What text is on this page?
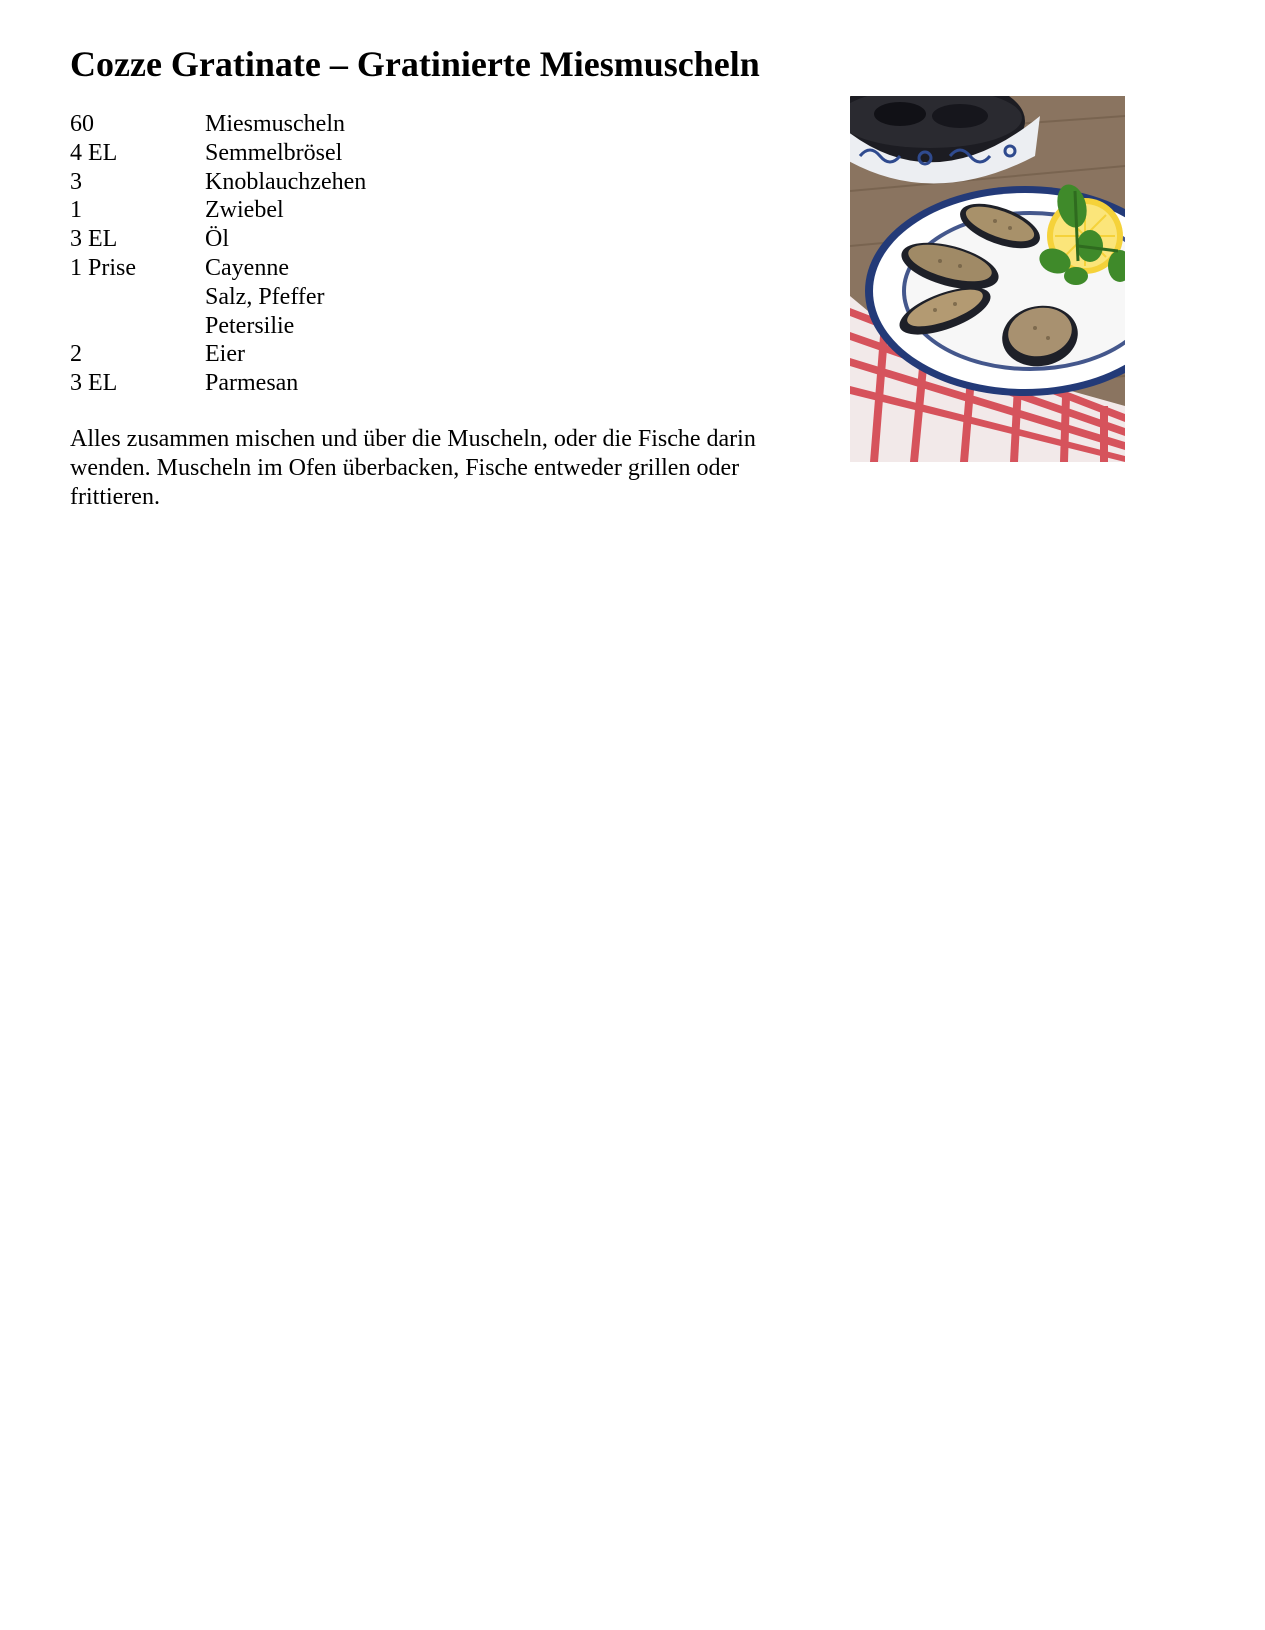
Cozze Gratinate – Gratinierte Miesmuscheln
60	Miesmuscheln
4 EL	Semmelbrösel
3	Knoblauchzehen
1	Zwiebel
3 EL	Öl
1 Prise	Cayenne
Salz, Pfeffer
Petersilie
2	Eier
3 EL	Parmesan

Alles zusammen mischen und über die Muscheln, oder die Fische darin wenden. Muscheln im Ofen überbacken, Fische entweder grillen oder frittieren.
